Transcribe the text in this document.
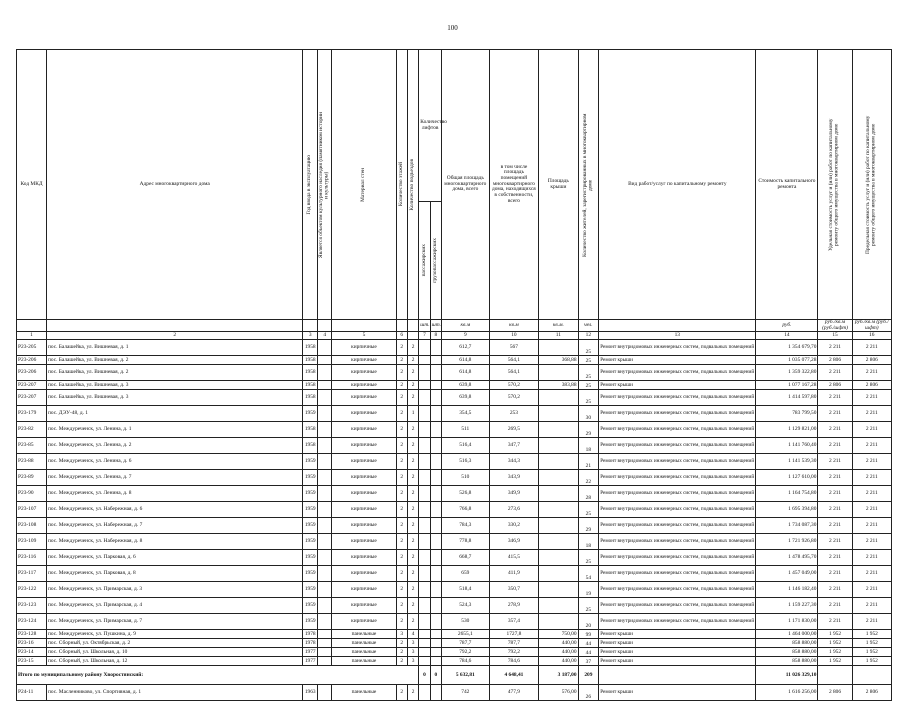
100
Код МКД	Адрес многоквартирного дома	Год ввода в эксплуатацию	Является объектом культурного наследия (памятником истории и культуры)	Материал стен	Количество этажей	Количество подъездов	Количество лифтов		Общая площадь многоквартирного дома, всего	в том числе площадь помещений многоквартирного дома, находящихся в собственности, всего	Площадь крыши	Количество жителей, зарегистрированных в многоквартирном доме	Вид работ/услуг по капитальному ремонту	Стоимость капитального ремонта	Удельная стоимость услуг и (или) работ по капитальному ремонту общего имущества в многоквартирном доме	Предельная стоимость услуг и (или) работ по капитальному ремонту общего имущества в многоквартирном доме

							пассажирских	грузопассажирских								

							шт.	шт.	кв.м	кв.м	кв.м.	чел.		руб.	руб./кв.м (руб./шфт)	руб./кв.м (руб./шфт)
1	2	3	4	5	6		7	8	9	10	11	12	13	14	15	16
Р23-205	пос. Балашейка, ул. Вишневая, д. 1	1958		кирпичные	2	2			612,7	567		25	Ремонт внутридомовых инженерных систем, подвальных помещений	1 354 679,70	2 211	2 211
Р23-206	пос. Балашейка, ул. Вишневая, д. 2	1958		кирпичные	2	2			614,8	564,1	368,88	25	Ремонт крыши	1 035 077,28	2 806	2 806
Р23-206	пос. Балашейка, ул. Вишневая, д. 2	1958		кирпичные	2	2			614,8	564,1		25	Ремонт внутридомовых инженерных систем, подвальных помещений	1 359 322,80	2 211	2 211
Р23-207	пос. Балашейка, ул. Вишневая, д. 3	1958		кирпичные	2	2			639,8	570,2	383,88	25	Ремонт крыши	1 077 167,28	2 806	2 806
Р23-207	пос. Балашейка, ул. Вишневая, д. 3	1958		кирпичные	2	2			639,8	570,2		25	Ремонт внутридомовых инженерных систем, подвальных помещений	1 414 597,80	2 211	2 211
Р23-179	пос. ДЭУ-48, д. 1	1959		кирпичные	2	1			354,5	253		30	Ремонт внутридомовых инженерных систем, подвальных помещений	783 799,50	2 211	2 211
Р23-82	пос. Междуреченск, ул. Ленина, д. 1	1958		кирпичные	2	2			511	269,5		29	Ремонт внутридомовых инженерных систем, подвальных помещений	1 129 821,00	2 211	2 211
Р23-85	пос. Междуреченск, ул. Ленина, д. 2	1958		кирпичные	2	2			516,4	347,7		18	Ремонт внутридомовых инженерных систем, подвальных помещений	1 141 760,40	2 211	2 211
Р23-88	пос. Междуреченск, ул. Ленина, д. 6	1959		кирпичные	2	2			516,3	344,3		21	Ремонт внутридомовых инженерных систем, подвальных помещений	1 141 539,30	2 211	2 211
Р23-89	пос. Междуреченск, ул. Ленина, д. 7	1959		кирпичные	2	2			510	343,9		22	Ремонт внутридомовых инженерных систем, подвальных помещений	1 127 610,00	2 211	2 211
Р23-90	пос. Междуреченск, ул. Ленина, д. 8	1959		кирпичные	2	2			526,8	349,9		28	Ремонт внутридомовых инженерных систем, подвальных помещений	1 164 754,80	2 211	2 211
Р23-107	пос. Междуреченск, ул. Набережная, д. 6	1959		кирпичные	2	2			766,8	273,6		25	Ремонт внутридомовых инженерных систем, подвальных помещений	1 695 394,80	2 211	2 211
Р23-108	пос. Междуреченск, ул. Набережная, д. 7	1959		кирпичные	2	2			784,3	330,2		29	Ремонт внутридомовых инженерных систем, подвальных помещений	1 734 087,30	2 211	2 211
Р23-109	пос. Междуреченск, ул. Набережная, д. 8	1959		кирпичные	2	2			778,8	346,9		18	Ремонт внутридомовых инженерных систем, подвальных помещений	1 721 926,80	2 211	2 211
Р23-116	пос. Междуреченск, ул. Парковая, д. 6	1959		кирпичные	2	2			668,7	415,5		25	Ремонт внутридомовых инженерных систем, подвальных помещений	1 478 495,70	2 211	2 211
Р23-117	пос. Междуреченск, ул. Парковая, д. 8	1959		кирпичные	2	2			659	411,9		54	Ремонт внутридомовых инженерных систем, подвальных помещений	1 457 049,00	2 211	2 211
Р23-122	пос. Междуреченск, ул. Примарская, д. 3	1959		кирпичные	2	2			518,4	350,7		19	Ремонт внутридомовых инженерных систем, подвальных помещений	1 146 182,40	2 211	2 211
Р23-123	пос. Междуреченск, ул. Примарская, д. 4	1959		кирпичные	2	2			524,3	278,9		25	Ремонт внутридомовых инженерных систем, подвальных помещений	1 159 227,30	2 211	2 211
Р23-124	пос. Междуреченск, ул. Примарская, д. 7	1959		кирпичные	2	2			530	357,4		20	Ремонт внутридомовых инженерных систем, подвальных помещений	1 171 830,00	2 211	2 211
Р23-128	пос. Междуреченск, ул. Пушкина, д. 9	1978		панельные	3	4			2655,1	1727,8	750,00	99	Ремонт крыши	1 464 000,00	1 952	1 952
Р23-16	пос. Сборный, ул. Октябрьская, д. 2	1978		панельные	2	3			787,7	787,7	440,00	44	Ремонт крыши	858 880,00	1 952	1 952
Р23-14	пос. Сборный, ул. Школьная, д. 10	1977		панельные	2	3			792,2	792,2	440,00	44	Ремонт крыши	858 880,00	1 952	1 952
Р23-15	пос. Сборный, ул. Школьная, д. 12	1977		панельные	2	3			784,6	784,6	440,00	37	Ремонт крыши	858 880,00	1 952	1 952
Итого по муниципальному району Хворостянский:							0	0	5 632,81	4 648,41	3 187,00	209		11 026 329,10		
Р24-11	пос. Масленниково, ул. Спортивная, д. 1	1963		панельные	2	2			742	477,9	576,00	26	Ремонт крыши	1 616 256,00	2 806	2 806
